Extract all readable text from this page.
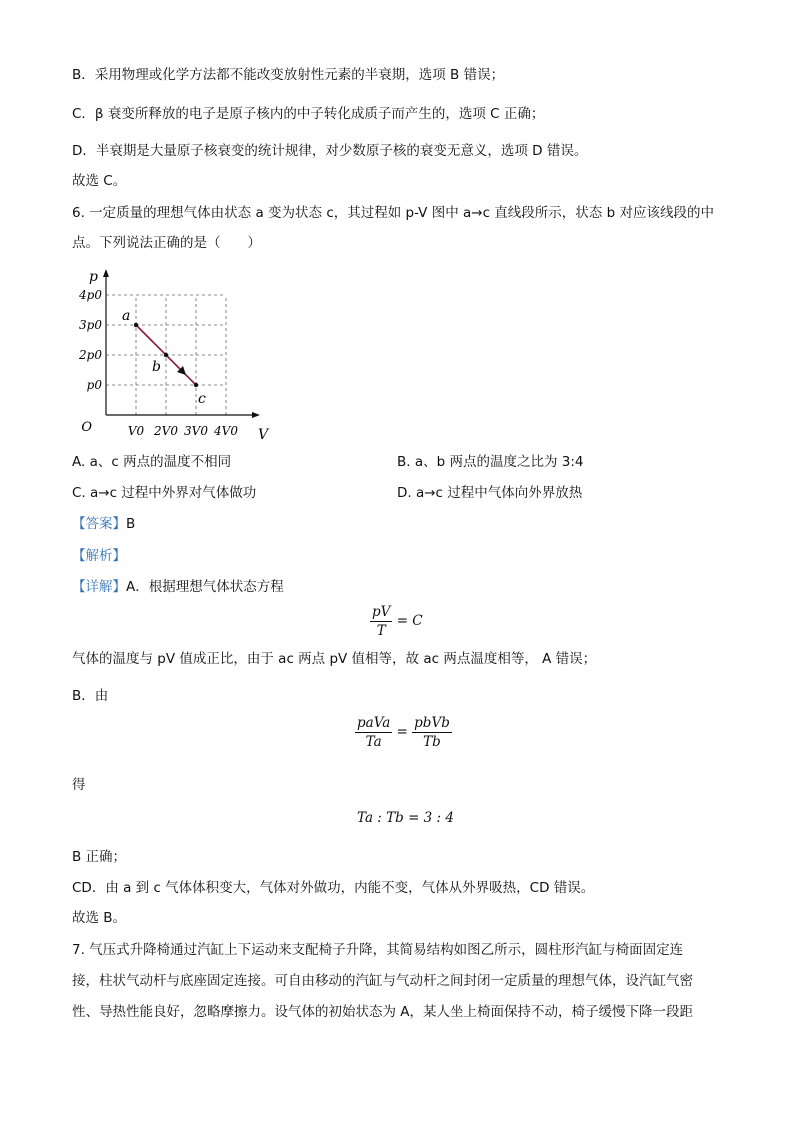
B．采用物理或化学方法都不能改变放射性元素的半衰期，选项 B 错误；
C．β 衰变所释放的电子是原子核内的中子转化成质子而产生的，选项 C 正确；
D．半衰期是大量原子核衰变的统计规律，对少数原子核的衰变无意义，选项 D 错误。
故选 C。
6. 一定质量的理想气体由状态 a 变为状态 c，其过程如 p-V 图中 a→c 直线段所示，状态 b 对应该线段的中
点。下列说法正确的是（　　）
p
V
O	V0 2V0 3V0 4V0
p0
2p0
3p0
4p0
a
b
c
A. a、c 两点的温度不相同	B. a、b 两点的温度之比为 3:4
C. a→c 过程中外界对气体做功	D. a→c 过程中气体向外界放热
【答案】B
【解析】
【详解】A．根据理想气体状态方程
$\frac{pV}{T} = C$
气体的温度与 pV 值成正比，由于 ac 两点 pV 值相等，故 ac 两点温度相等， A 错误；
B．由
$\frac{\text{paVa}}{Ta} = \frac{\text{pbVb}}{Tb}$
得
Ta : Tb = 3 : 4
B 正确；
CD．由 a 到 c 气体体积变大，气体对外做功，内能不变，气体从外界吸热，CD 错误。
故选 B。
7. 气压式升降椅通过汽缸上下运动来支配椅子升降，其简易结构如图乙所示，圆柱形汽缸与椅面固定连
接，柱状气动杆与底座固定连接。可自由移动的汽缸与气动杆之间封闭一定质量的理想气体，设汽缸气密
性、导热性能良好，忽略摩擦力。设气体的初始状态为 A，某人坐上椅面保持不动，椅子缓慢下降一段距
